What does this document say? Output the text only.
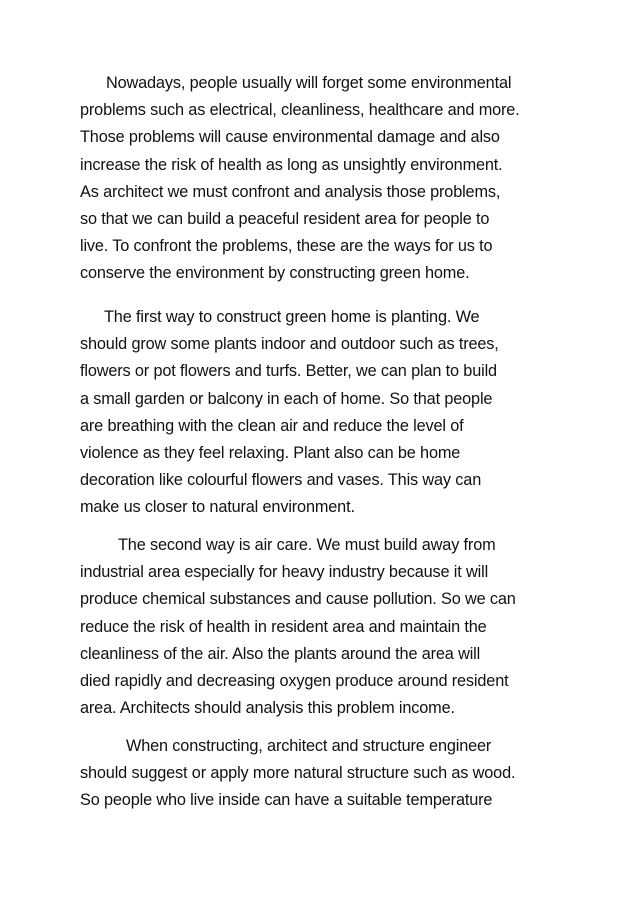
Nowadays, people usually will forget some environmental
problems such as electrical, cleanliness, healthcare and more.
Those problems will cause environmental damage and also
increase the risk of health as long as unsightly environment.
As architect we must confront and analysis those problems,
so that we can build a peaceful resident area for people to
live. To confront the problems, these are the ways for us to
conserve the environment by constructing green home.
The first way to construct green home is planting. We
should grow some plants indoor and outdoor such as trees,
flowers or pot flowers and turfs. Better, we can plan to build
a small garden or balcony in each of home. So that people
are breathing with the clean air and reduce the level of
violence as they feel relaxing. Plant also can be home
decoration like colourful flowers and vases. This way can
make us closer to natural environment.
The second way is air care. We must build away from
industrial area especially for heavy industry because it will
produce chemical substances and cause pollution. So we can
reduce the risk of health in resident area and maintain the
cleanliness of the air. Also the plants around the area will
died rapidly and decreasing oxygen produce around resident
area. Architects should analysis this problem income.
When constructing, architect and structure engineer
should suggest or apply more natural structure such as wood.
So people who live inside can have a suitable temperature
